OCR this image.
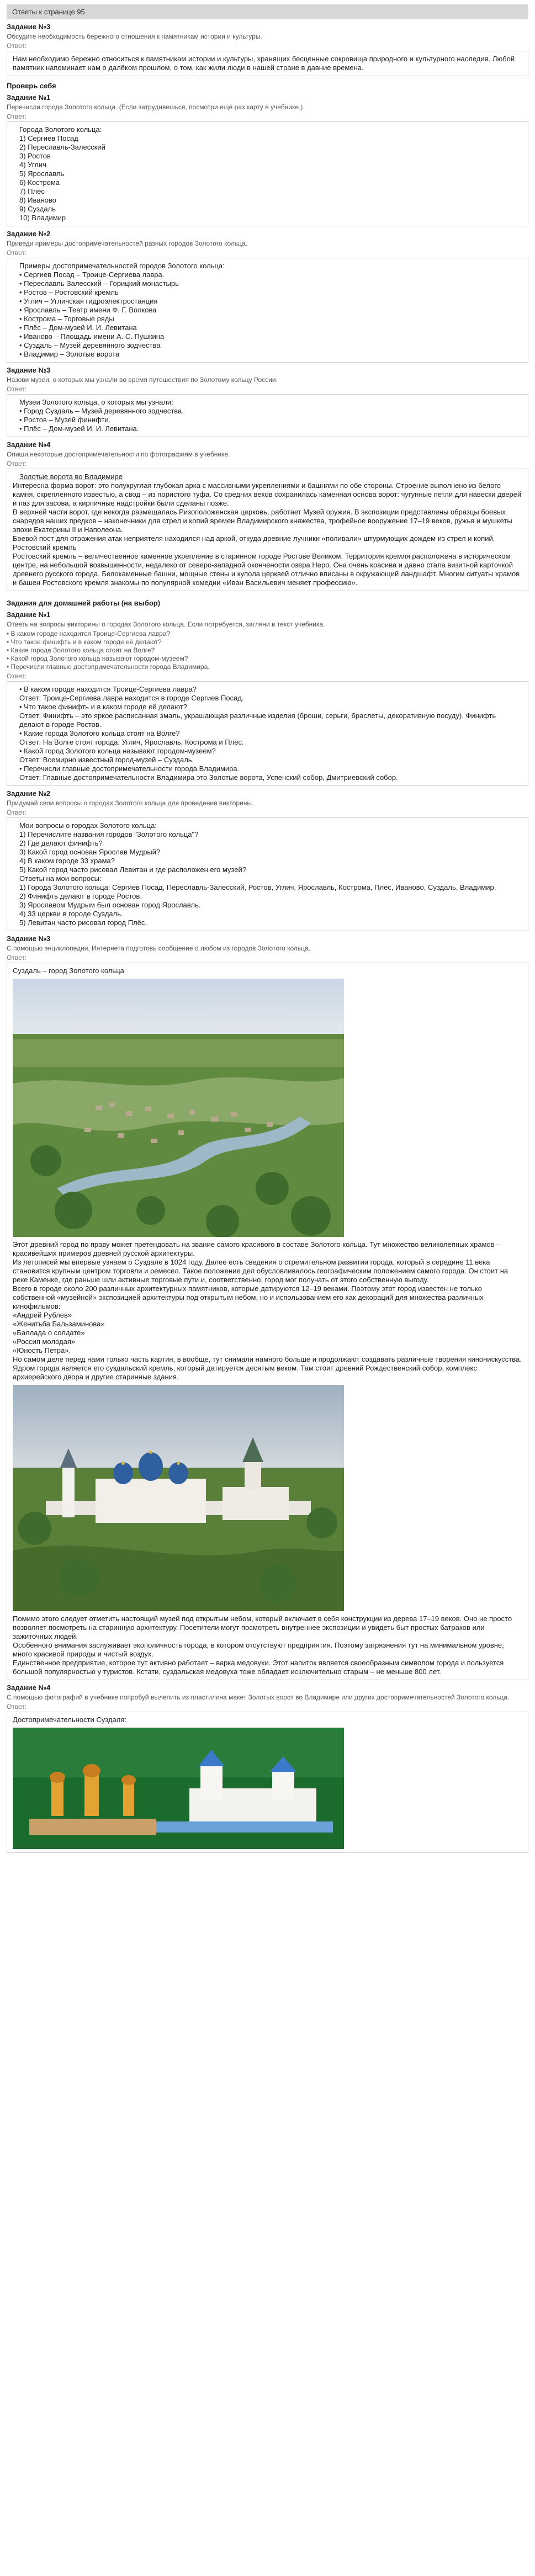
Ответы к странице 95
Задание №3
Обсудите необходимость бережного отношения к памятникам истории и культуры.
Ответ:

Нам необходимо бережно относиться к памятникам истории и культуры, хранящих бесценные сокровища природного и культурного наследия. Любой памятник напоминает нам о далёком прошлом, о том, как жили люди в нашей стране в давние времена.

Проверь себя
Задание №1
Перечисли города Золотого кольца. (Если затрудняешься, посмотри ещё раз карту в учебнике.)
Ответ:
Города Золотого кольца:
1) Сергиев Посад
2) Переславль-Залесский
3) Ростов
4) Углич
5) Ярославль
6) Кострома
7) Плёс
8) Иваново
9) Суздаль
10) Владимир
Задание №2
Приведи примеры достопримечательностей разных городов Золотого кольца.
Ответ:
Примеры достопримечательностей городов Золотого кольца:
• Сергиев Посад – Троице-Сергиева лавра.
• Переславль-Залесский – Горицкий монастырь
• Ростов – Ростовский кремль
• Углич – Угличская гидроэлектростанция
• Ярославль – Театр имени Ф. Г. Волкова
• Кострома – Торговые ряды
• Плёс – Дом-музей И. И. Левитана
• Иваново – Площадь имени А. С. Пушкина
• Суздаль – Музей деревянного зодчества
• Владимир – Золотые ворота
Задание №3
Назови музеи, о которых мы узнали во время путешествия по Золотому кольцу России.
Ответ:
Музеи Золотого кольца, о которых мы узнали:
• Город Суздаль – Музей деревянного зодчества.
• Ростов – Музей финифти.
• Плёс – Дом-музей И. И. Левитана.
Задание №4
Опиши некоторые достопримечательности по фотографиям в учебнике.
Ответ:

Золотые ворота во Владимире

Интересна форма ворот: это полукруглая глубокая арка с массивными укреплениями и башнями по обе стороны. Строение выполнено из белого камня, скрепленного известью, а свод – из пористого туфа. Со средних веков сохранилась каменная основа ворот: чугунные петли для навески дверей и паз для засова, а кирпичные надстройки были сделаны позже.

В верхней части ворот, где некогда размещалась Ризоположенская церковь, работает Музей оружия. В экспозиции представлены образцы боевых снарядов наших предков – наконечники для стрел и копий времен Владимирского княжества, трофейное вооружение 17–19 веков, ружья и мушкеты эпохи Екатерины II и Наполеона.

Боевой пост для отражения атак неприятеля находился над аркой, откуда древние лучники «поливали» штурмующих дождем из стрел и копий.

Ростовский кремль

Ростовский кремль – величественное каменное укрепление в старинном городе Ростове Великом. Территория кремля расположена в историческом центре, на небольшой возвышенности, недалеко от северо-западной окончености озера Неро. Она очень красива и давно стала визитной карточкой древнего русского города. Белокаменные башни, мощные стены и купола церквей отлично вписаны в окружающий ландшафт. Многим ситуаты храмов и башен Ростовского кремля знакомы по популярной комедии «Иван Васильевич меняет профессию».

Задания для домашней работы (на выбор)
Задание №1
Ответь на вопросы викторины о городах Золотого кольца. Если потребуется, загляни в текст учебника.
• В каком городе находится Троице-Сергиева лавра?
• Что такое финифть и в каком городе её делают?
• Какие города Золотого кольца стоят на Волге?
• Какой город Золотого кольца называют городом-музеем?
• Перечисли главные достопримечательности города Владимира.
Ответ:
• В каком городе находится Троице-Сергиева лавра?
Ответ: Троице-Сергиева лавра находится в городе Сергиев Посад.
• Что такое финифть и в каком городе её делают?
Ответ: Финифть – это яркое расписанная эмаль, украшающая различные изделия (броши, серьги, браслеты, декоративную посуду). Финифть делают в городе Ростов.
• Какие города Золотого кольца стоят на Волге?
Ответ: На Волге стоят города: Углич, Ярославль, Кострома и Плёс.
• Какой город Золотого кольца называют городом-музеем?
Ответ: Всемирно известный город-музей – Суздаль.
• Перечисли главные достопримечательности города Владимира.
Ответ: Главные достопримечательности Владимира это Золотые ворота, Успенский собор, Дмитриевский собор.
Задание №2
Придумай свои вопросы о городах Золотого кольца для проведения викторины.
Ответ:
Мои вопросы о городах Золотого кольца:
1) Перечислите названия городов "Золотого кольца"?
2) Где делают финифть?
3) Какой город основан Ярослав Мудрый?
4) В каком городе 33 храма?
5) Какой город часто рисовал Левитан и где расположен его музей?
Ответы на мои вопросы:
1) Города Золотого кольца: Сергиев Посад, Переславль-Залесский, Ростов, Углич, Ярославль, Кострома, Плёс, Иваново, Суздаль, Владимир.
2) Финифть делают в городе Ростов.
3) Ярославом Мудрым был основан город Ярославль.
4) 33 церкви в городе Суздаль.
5) Левитан часто рисовал город Плёс.
Задание №3
С помощью энциклопедии, Интернета подготовь сообщение о любом из городов Золотого кольца.
Ответ:

Суздаль – город Золотого кольца

Этот древний город по праву может претендовать на звание самого красивого в составе Золотого кольца. Тут множество великолепных храмов – красивейших примеров древней русской архитектуры.

Из летописей мы впервые узнаем о Суздале в 1024 году. Далее есть сведения о стремительном развитии города, который в середине 11 века становится крупным центром торговли и ремесел. Такое положение дел обусловливалось географическим положением самого города. Он стоит на реке Каменке, где раньше шли активные торговые пути и, соответственно, город мог получать от этого собственную выгоду.

Всего в городе около 200 различных архитектурных памятников, которые датируются 12–19 веками. Поэтому этот город известен не только собственной «музейной» экспозицией архитектуры под открытым небом, но и использованием его как декораций для множества различных кинофильмов:

«Андрей Рублев»

«Женитьба Бальзаминова»

«Баллада о солдате»

«Россия молодая»

«Юность Петра».

Но самом деле перед нами только часть картин, в вообще, тут снимали намного больше и продолжают создавать различные творения кинонискусства.

Ядром города является его суздальский кремль, который датируется десятым веком. Там стоит древний Рождественский собор, комплекс архиерейского двора и другие старинные здания.

Помимо этого следует отметить настоящий музей под открытым небом, который включает в себя конструкции из дерева 17–19 веков. Оно не просто позволяет посмотреть на старинную архитектуру. Посетители могут посмотреть внутреннее экспозиции и увидеть быт простых батраков или зажиточных людей.

Особенного внимания заслуживает экополичность города, в котором отсутствуют предприятия. Поэтому загрязнения тут на минимальном уровне, много красивой природы и чистый воздух.

Единственное предприятие, которое тут активно работает – варка медовухи. Этот напиток является своеобразным символом города и пользуется большой популярностью у туристов. Кстати, суздальская медовуха тоже обладает исключительно старым – не меньше 800 лет.

Задание №4
С помощью фотографий в учебнике попробуй вылепить из пластилина макет Золотых ворот во Владимире или других достопримечательностей Золотого кольца.
Ответ:

Достопримечательности Суздаля:
